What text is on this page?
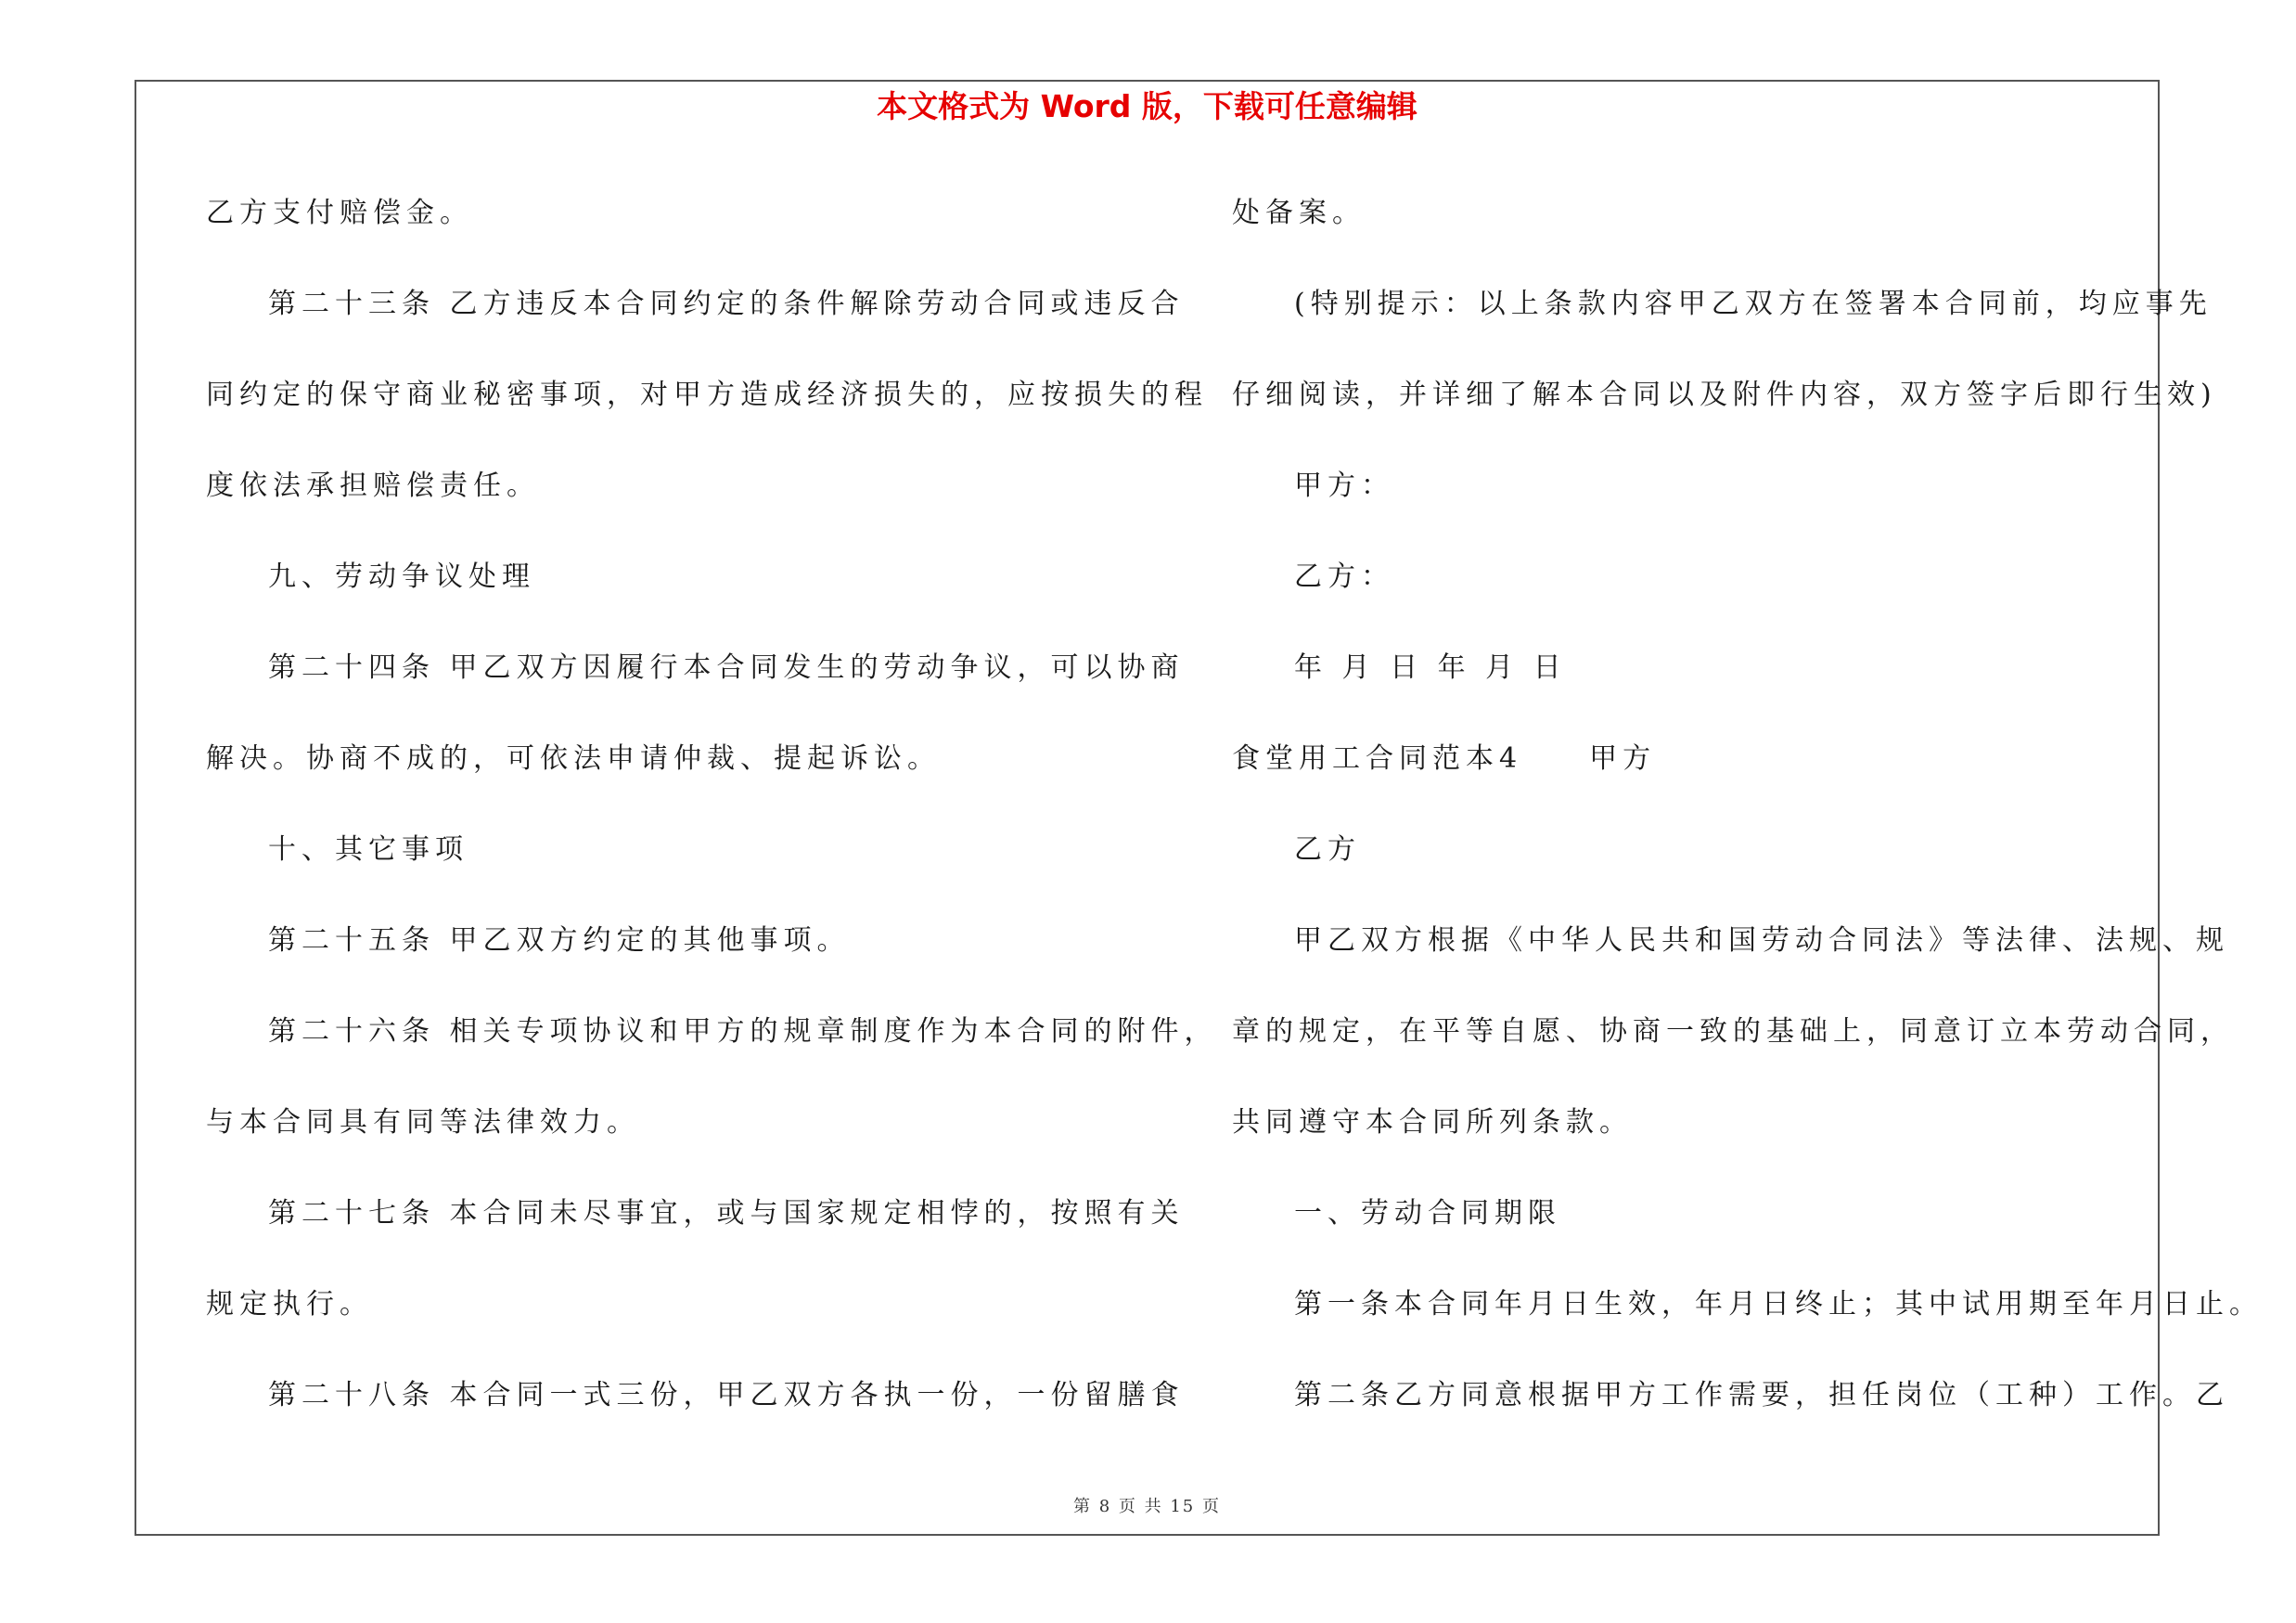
本文格式为 Word 版，下载可任意编辑
乙方支付赔偿金。
第二十三条 乙方违反本合同约定的条件解除劳动合同或违反合
同约定的保守商业秘密事项，对甲方造成经济损失的，应按损失的程
度依法承担赔偿责任。
九、劳动争议处理
第二十四条 甲乙双方因履行本合同发生的劳动争议，可以协商
解决。协商不成的，可依法申请仲裁、提起诉讼。
十、其它事项
第二十五条 甲乙双方约定的其他事项。
第二十六条 相关专项协议和甲方的规章制度作为本合同的附件，
与本合同具有同等法律效力。
第二十七条 本合同未尽事宜，或与国家规定相悖的，按照有关
规定执行。
第二十八条 本合同一式三份，甲乙双方各执一份，一份留膳食
处备案。
(特别提示：以上条款内容甲乙双方在签署本合同前，均应事先
仔细阅读，并详细了解本合同以及附件内容，双方签字后即行生效)
甲方：
乙方：
年 月 日 年 月 日
食堂用工合同范本4　　甲方
乙方
甲乙双方根据《中华人民共和国劳动合同法》等法律、法规、规
章的规定，在平等自愿、协商一致的基础上，同意订立本劳动合同，
共同遵守本合同所列条款。
一、劳动合同期限
第一条本合同年月日生效，年月日终止；其中试用期至年月日止。
第二条乙方同意根据甲方工作需要，担任岗位（工种）工作。乙
第 8 页 共 15 页
